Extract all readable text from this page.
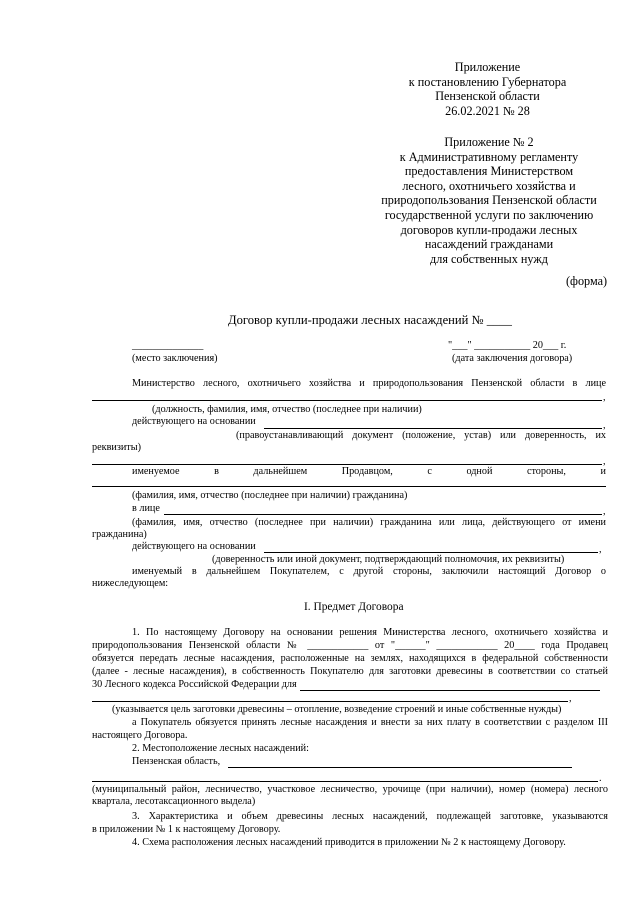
Приложение
к постановлению Губернатора
Пензенской области
26.02.2021 № 28
Приложение № 2
к Административному регламенту
предоставления Министерством
лесного, охотничьего хозяйства и
природопользования Пензенской области
государственной услуги по заключению
договоров купли-продажи лесных
насаждений гражданами
для собственных нужд
(форма)
Договор купли-продажи лесных насаждений № ____
______________	"___" ___________ 20___ г.
(место заключения)	(дата заключения договора)
Министерство лесного, охотничьего хозяйства и природопользования Пензенской области в лице
,
(должность, фамилия, имя, отчество (последнее при наличии)
действующего на основании	,
(правоустанавливающий документ (положение, устав) или доверенность, их
реквизиты)
,
именуемое	в	дальнейшем	Продавцом,	с	одной	стороны,	и
(фамилия, имя, отчество (последнее при наличии) гражданина)
в лице	,
(фамилия, имя, отчество (последнее при наличии) гражданина или лица, действующего от имени
гражданина)
действующего на основании	,
(доверенность или иной документ, подтверждающий полномочия, их реквизиты)
именуемый в дальнейшем Покупателем, с другой стороны, заключили настоящий Договор о
нижеследующем:
I. Предмет Договора
1. По настоящему Договору на основании решения Министерства лесного, охотничьего хозяйства и
природопользования Пензенской области № ____________ от "______" ____________ 20____ года Продавец
обязуется передать лесные насаждения, расположенные на землях, находящихся в федеральной собственности
(далее - лесные насаждения), в собственность Покупателю для заготовки древесины в соответствии со статьей
30 Лесного кодекса Российской Федерации для
,
(указывается цель заготовки древесины – отопление, возведение строений и иные собственные нужды)
а Покупатель обязуется принять лесные насаждения и внести за них плату в соответствии с разделом III
настоящего Договора.
2. Местоположение лесных насаждений:
Пензенская область,
.
(муниципальный район, лесничество, участковое лесничество, урочище (при наличии), номер (номера) лесного
квартала, лесотаксационного выдела)
3. Характеристика и объем древесины лесных насаждений, подлежащей заготовке, указываются
в приложении № 1 к настоящему Договору.
4. Схема расположения лесных насаждений приводится в приложении № 2 к настоящему Договору.
